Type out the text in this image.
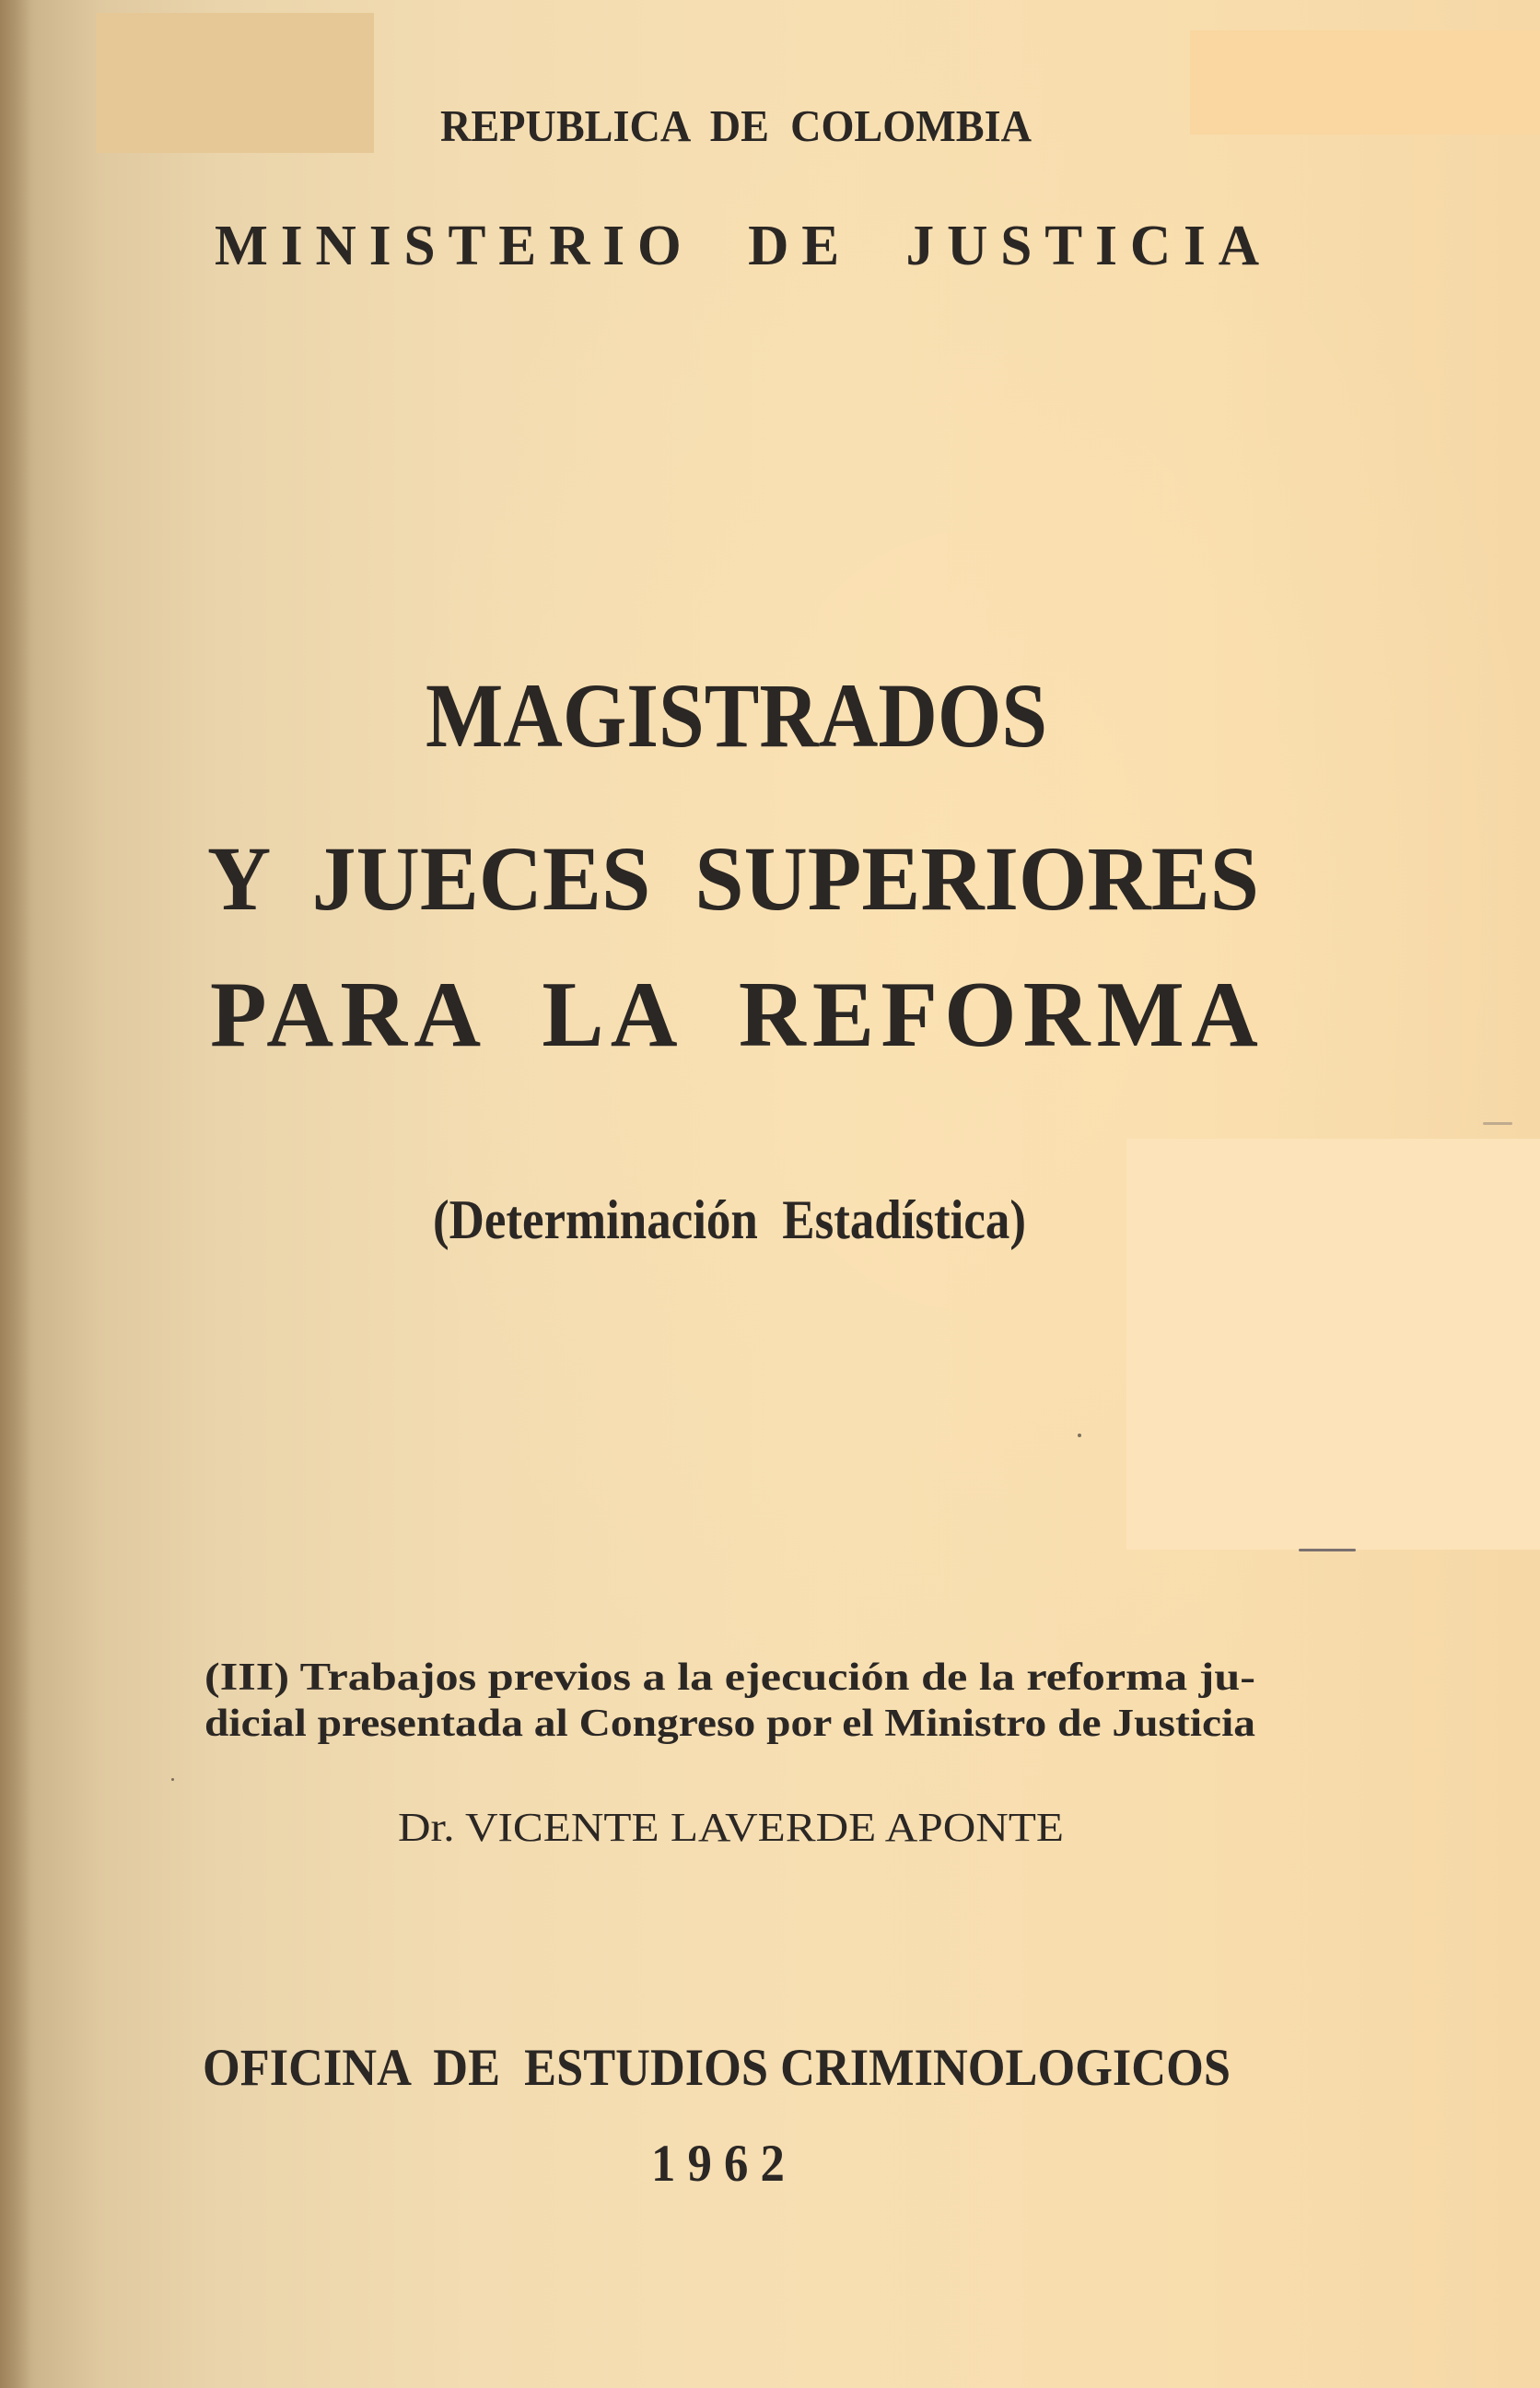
REPUBLICA  DE  COLOMBIA
MINISTERIO  DE  JUSTICIA
MAGISTRADOS
Y  JUECES  SUPERIORES
PARA  LA  REFORMA
(Determinación  Estadística)
(III) Trabajos previos a la ejecución de la reforma ju-
dicial presentada al Congreso por el Ministro de Justicia
Dr. VICENTE LAVERDE APONTE
OFICINA  DE  ESTUDIOS CRIMINOLOGICOS
1962
